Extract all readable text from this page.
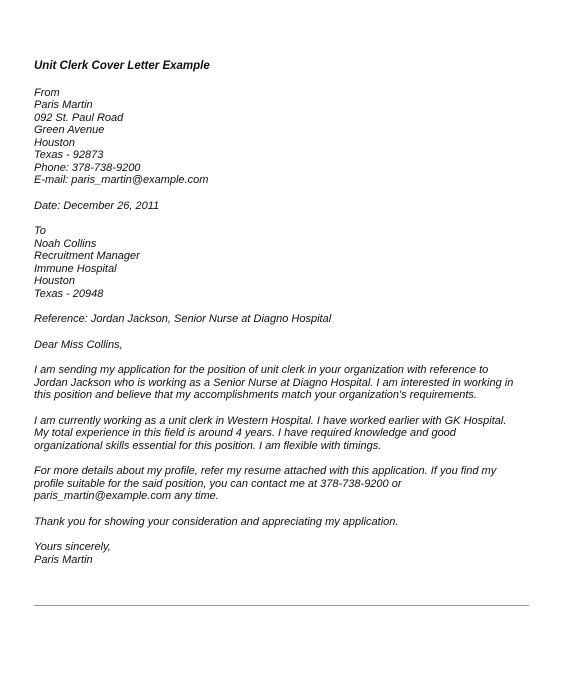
Unit Clerk Cover Letter Example
From
Paris Martin
092 St. Paul Road
Green Avenue
Houston
Texas - 92873
Phone: 378-738-9200
E-mail: paris_martin@example.com
Date: December 26, 2011
To
Noah Collins
Recruitment Manager
Immune Hospital
Houston
Texas - 20948
Reference: Jordan Jackson, Senior Nurse at Diagno Hospital
Dear Miss Collins,
I am sending my application for the position of unit clerk in your organization with reference to
Jordan Jackson who is working as a Senior Nurse at Diagno Hospital. I am interested in working in
this position and believe that my accomplishments match your organization's requirements.
I am currently working as a unit clerk in Western Hospital. I have worked earlier with GK Hospital.
My total experience in this field is around 4 years. I have required knowledge and good
organizational skills essential for this position. I am flexible with timings.
For more details about my profile, refer my resume attached with this application. If you find my
profile suitable for the said position, you can contact me at 378-738-9200 or
paris_martin@example.com any time.
Thank you for showing your consideration and appreciating my application.
Yours sincerely,
Paris Martin
